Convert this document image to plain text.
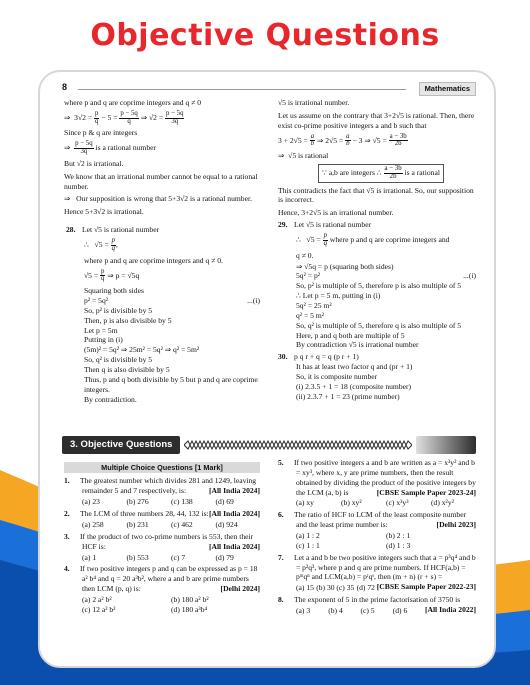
Objective Questions
8	Mathematics

where p and q are coprime integers and q ≠ 0

⇒  $3√2 = \frac{p}{q} - 5 = \frac{p - 5q}{q}$ ⇒ $√2 = \frac{p - 5q}{3q}$

Since p & q are integers

⇒ $\frac{p - 5q}{3q}$ is a rational number

But √2 is irrational.

We know that an irrational number cannot be equal to a rational number.

⇒   Our supposition is wrong that 5+3√2 is a rational number.

Hence 5+3√2 is irrational.

28. Let √5 is rational number

∴   $√5 = \frac{p}{q}$ ,

where p and q are coprime integers and q ≠ 0.

$√5 = \frac{p}{q}$ ⇒ p = √5q

Squaring both sides

p² = 5q²	...(i)

So, p² is divisible by 5

Then, p is also divisible by 5

Let p = 5m

Putting in (i)

(5m)² = 5q² ⇒ 25m² = 5q² ⇒ q² = 5m²

So, q² is divisible by 5

Then q is also divisible by 5

Thus, p and q both divisible by 5 but p and q are coprime integers.

By contradiction.

√5 is irrational number.

Let us assume on the contrary that 3+2√5 is rational. Then, there exist co-prime positive integers a and b such that

$3 + 2√5 = \frac{a}{b}$ ⇒ $2√5 = \frac{a}{b} - 3$ ⇒ $√5 = \frac{a - 3b}{2b}$

⇒  √5 is rational

∵ a,b are integers ∴ $\frac{a - 3b}{2b}$ is a rational

This contradicts the fact that √5 is irrational. So, our supposition is incorrect.

Hence, 3+2√5 is an irrational number.

29. Let √5 is rational number

∴   $√5 = \frac{p}{q}$ where p and q are coprime integers and

q ≠ 0.

⇒ √5q = p (squaring both sides)

5q² = p²	...(i)

So, p² is multiple of 5, therefore p is also multiple of 5

∴ Let p = 5 m, putting in (i)

5q² = 25 m²

q² = 5 m²

So, q² is multiple of 5, therefore q is also multiple of 5

Here, p and q both are multiple of 5

By contradiction √5 is irrational number

30. p q r + q = q (p r + 1)

It has at least two factor q and (pr + 1)

So, it is composite number

(i) 2.3.5 + 1 = 18 (composite number)

(ii) 2.3.7 + 1 = 23 (prime number)

3. Objective Questions
Multiple Choice Questions [1 Mark]

1. The greatest number which divides 281 and 1249, leaving remainder 5 and 7 respectively, is:	[All India 2024]

(a) 23	(b) 276	(c) 138	(d) 69

2. The LCM of three numbers 28, 44, 132 is: [All India 2024]

(a) 258	(b) 231	(c) 462	(d) 924

3. If the product of two co-prime numbers is 553, then their HCF is:	[All India 2024]

(a) 1	(b) 553	(c) 7	(d) 79

4. If two positive integers p and q can be expressed as p = 18 a² b⁴ and q = 20 a³b², where a and b are prime numbers then LCM (p, q) is:	[Delhi 2024]

(a) 2 a² b²	(b) 180 a² b²
(c) 12 a² b²	(d) 180 a³b⁴

5. If two positive integers a and b are written as a = x³y² and b = xy³, where x, y are prime numbers, then the result obtained by dividing the product of the positive integers by the LCM (a, b) is	[CBSE Sample Paper 2023-24]

(a) xy	(b) xy²	(c) x³y³	(d) x²y²

6. The ratio of HCF to LCM of the least composite number and the least prime number is:	[Delhi 2023]

(a) 1 : 2	(b) 2 : 1
(c) 1 : 1	(d) 1 : 3

7. Let a and b be two positive integers such that a = p³q⁴ and b = p²q³, where p and q are prime numbers. If HCF(a,b) = pᵐqⁿ and LCM(a,b) = pʳqˢ, then (m + n) (r + s) =
[CBSE Sample Paper 2022-23]

(a) 15 (b) 30 (c) 35 (d) 72

8. The exponent of 5 in the prime factorisation of 3750 is
[All India 2022]

(a) 3	(b) 4	(c) 5	(d) 6
